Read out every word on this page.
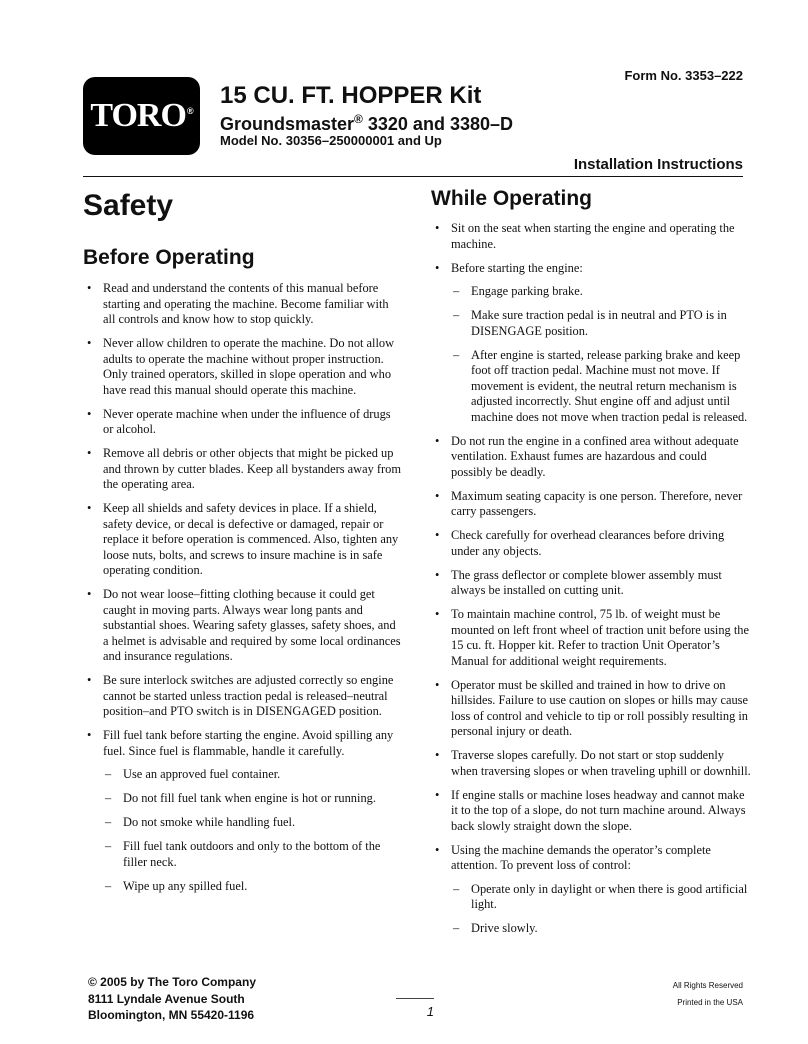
TORO®
Form No. 3353–222
15 CU. FT. HOPPER Kit
Groundsmaster® 3320 and 3380–D
Model No. 30356–250000001 and Up
Installation Instructions
Safety
Before Operating
• Read and understand the contents of this manual before starting and operating the machine. Become familiar with all controls and know how to stop quickly.
• Never allow children to operate the machine. Do not allow adults to operate the machine without proper instruction. Only trained operators, skilled in slope operation and who have read this manual should operate this machine.
• Never operate machine when under the influence of drugs or alcohol.
• Remove all debris or other objects that might be picked up and thrown by cutter blades. Keep all bystanders away from the operating area.
• Keep all shields and safety devices in place. If a shield, safety device, or decal is defective or damaged, repair or replace it before operation is commenced. Also, tighten any loose nuts, bolts, and screws to insure machine is in safe operating condition.
• Do not wear loose–fitting clothing because it could get caught in moving parts. Always wear long pants and substantial shoes. Wearing safety glasses, safety shoes, and a helmet is advisable and required by some local ordinances and insurance regulations.
• Be sure interlock switches are adjusted correctly so engine cannot be started unless traction pedal is released–neutral position–and PTO switch is in DISENGAGED position.
• Fill fuel tank before starting the engine. Avoid spilling any fuel. Since fuel is flammable, handle it carefully.
– Use an approved fuel container.
– Do not fill fuel tank when engine is hot or running.
– Do not smoke while handling fuel.
– Fill fuel tank outdoors and only to the bottom of the filler neck.
– Wipe up any spilled fuel.
While Operating
• Sit on the seat when starting the engine and operating the machine.
• Before starting the engine:
– Engage parking brake.
– Make sure traction pedal is in neutral and PTO is in DISENGAGE position.
– After engine is started, release parking brake and keep foot off traction pedal. Machine must not move. If movement is evident, the neutral return mechanism is adjusted incorrectly. Shut engine off and adjust until machine does not move when traction pedal is released.
• Do not run the engine in a confined area without adequate ventilation. Exhaust fumes are hazardous and could possibly be deadly.
• Maximum seating capacity is one person. Therefore, never carry passengers.
• Check carefully for overhead clearances before driving under any objects.
• The grass deflector or complete blower assembly must always be installed on cutting unit.
• To maintain machine control, 75 lb. of weight must be mounted on left front wheel of traction unit before using the 15 cu. ft. Hopper kit. Refer to traction Unit Operator’s Manual for additional weight requirements.
• Operator must be skilled and trained in how to drive on hillsides. Failure to use caution on slopes or hills may cause loss of control and vehicle to tip or roll possibly resulting in personal injury or death.
• Traverse slopes carefully. Do not start or stop suddenly when traversing slopes or when traveling uphill or downhill.
• If engine stalls or machine loses headway and cannot make it to the top of a slope, do not turn machine around. Always back slowly straight down the slope.
• Using the machine demands the operator’s complete attention. To prevent loss of control:
– Operate only in daylight or when there is good artificial light.
– Drive slowly.
© 2005 by The Toro Company
8111 Lyndale Avenue South
Bloomington, MN 55420-1196
All Rights Reserved
Printed in the USA
1
